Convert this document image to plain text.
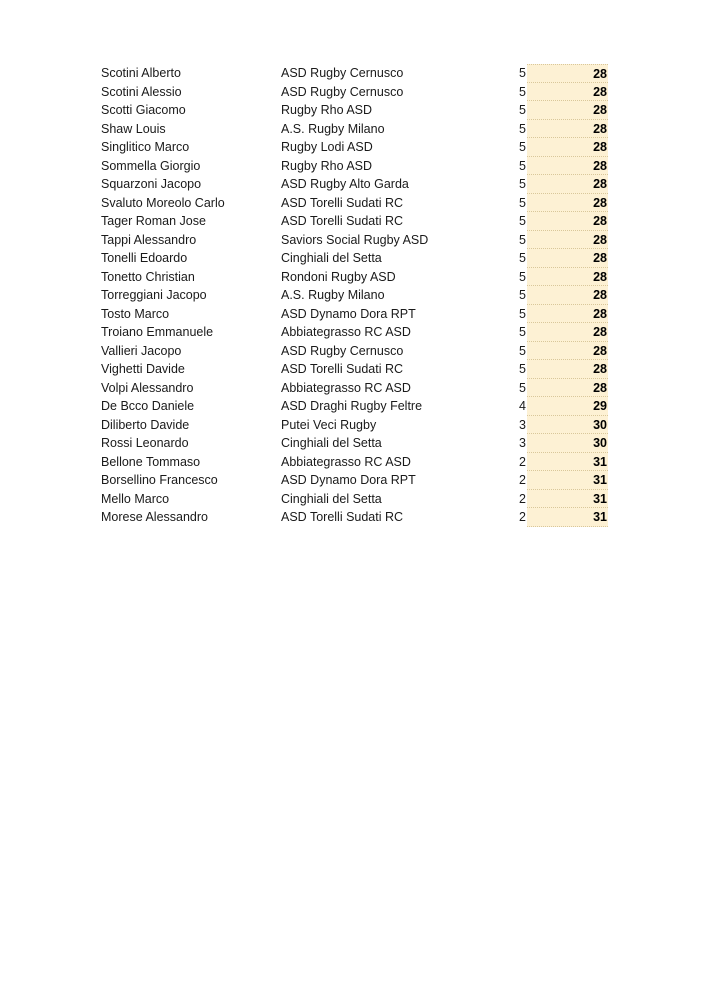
Scotini Alberto	ASD Rugby Cernusco	5	28
Scotini Alessio	ASD Rugby Cernusco	5	28
Scotti Giacomo	Rugby Rho ASD	5	28
Shaw Louis	A.S. Rugby Milano	5	28
Singlitico Marco	Rugby Lodi ASD	5	28
Sommella Giorgio	Rugby Rho ASD	5	28
Squarzoni Jacopo	ASD Rugby Alto Garda	5	28
Svaluto Moreolo Carlo	ASD Torelli Sudati RC	5	28
Tager Roman Jose	ASD Torelli Sudati RC	5	28
Tappi Alessandro	Saviors Social Rugby ASD	5	28
Tonelli Edoardo	Cinghiali del Setta	5	28
Tonetto Christian	Rondoni Rugby ASD	5	28
Torreggiani Jacopo	A.S. Rugby Milano	5	28
Tosto Marco	ASD Dynamo Dora RPT	5	28
Troiano Emmanuele	Abbiategrasso RC ASD	5	28
Vallieri Jacopo	ASD Rugby Cernusco	5	28
Vighetti Davide	ASD Torelli Sudati RC	5	28
Volpi Alessandro	Abbiategrasso RC ASD	5	28
De Bcco Daniele	ASD Draghi Rugby Feltre	4	29
Diliberto Davide	Putei Veci Rugby	3	30
Rossi Leonardo	Cinghiali del Setta	3	30
Bellone Tommaso	Abbiategrasso RC ASD	2	31
Borsellino Francesco	ASD Dynamo Dora RPT	2	31
Mello Marco	Cinghiali del Setta	2	31
Morese Alessandro	ASD Torelli Sudati RC	2	31
